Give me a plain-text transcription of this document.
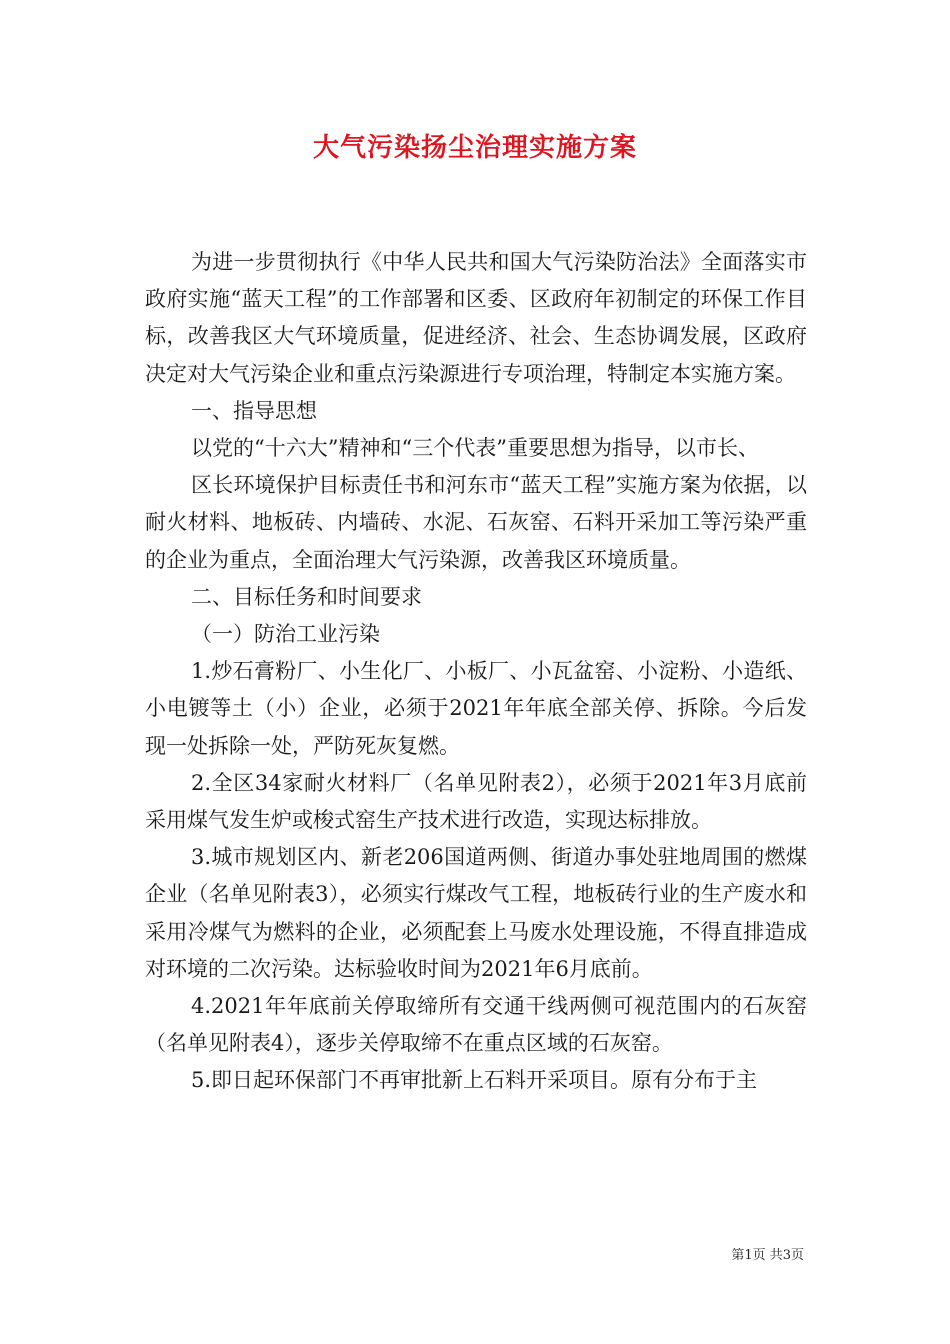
大气污染扬尘治理实施方案

为进一步贯彻执行《中华人民共和国大气污染防治法》全面落实市政府实施“蓝天工程”的工作部署和区委、区政府年初制定的环保工作目标，改善我区大气环境质量，促进经济、社会、生态协调发展，区政府决定对大气污染企业和重点污染源进行专项治理，特制定本实施方案。

一、指导思想

以党的“十六大”精神和“三个代表”重要思想为指导，以市长、

区长环境保护目标责任书和河东市“蓝天工程”实施方案为依据，以耐火材料、地板砖、内墙砖、水泥、石灰窑、石料开采加工等污染严重的企业为重点，全面治理大气污染源，改善我区环境质量。

二、目标任务和时间要求

（一）防治工业污染

1.炒石膏粉厂、小生化厂、小板厂、小瓦盆窑、小淀粉、小造纸、小电镀等土（小）企业，必须于2021年年底全部关停、拆除。今后发现一处拆除一处，严防死灰复燃。

2.全区34家耐火材料厂（名单见附表2），必须于2021年3月底前采用煤气发生炉或梭式窑生产技术进行改造，实现达标排放。

3.城市规划区内、新老206国道两侧、街道办事处驻地周围的燃煤企业（名单见附表3），必须实行煤改气工程，地板砖行业的生产废水和采用冷煤气为燃料的企业，必须配套上马废水处理设施，不得直排造成对环境的二次污染。达标验收时间为2021年6月底前。

4.2021年年底前关停取缔所有交通干线两侧可视范围内的石灰窑（名单见附表4），逐步关停取缔不在重点区域的石灰窑。

5.即日起环保部门不再审批新上石料开采项目。原有分布于主

第1页 共3页
